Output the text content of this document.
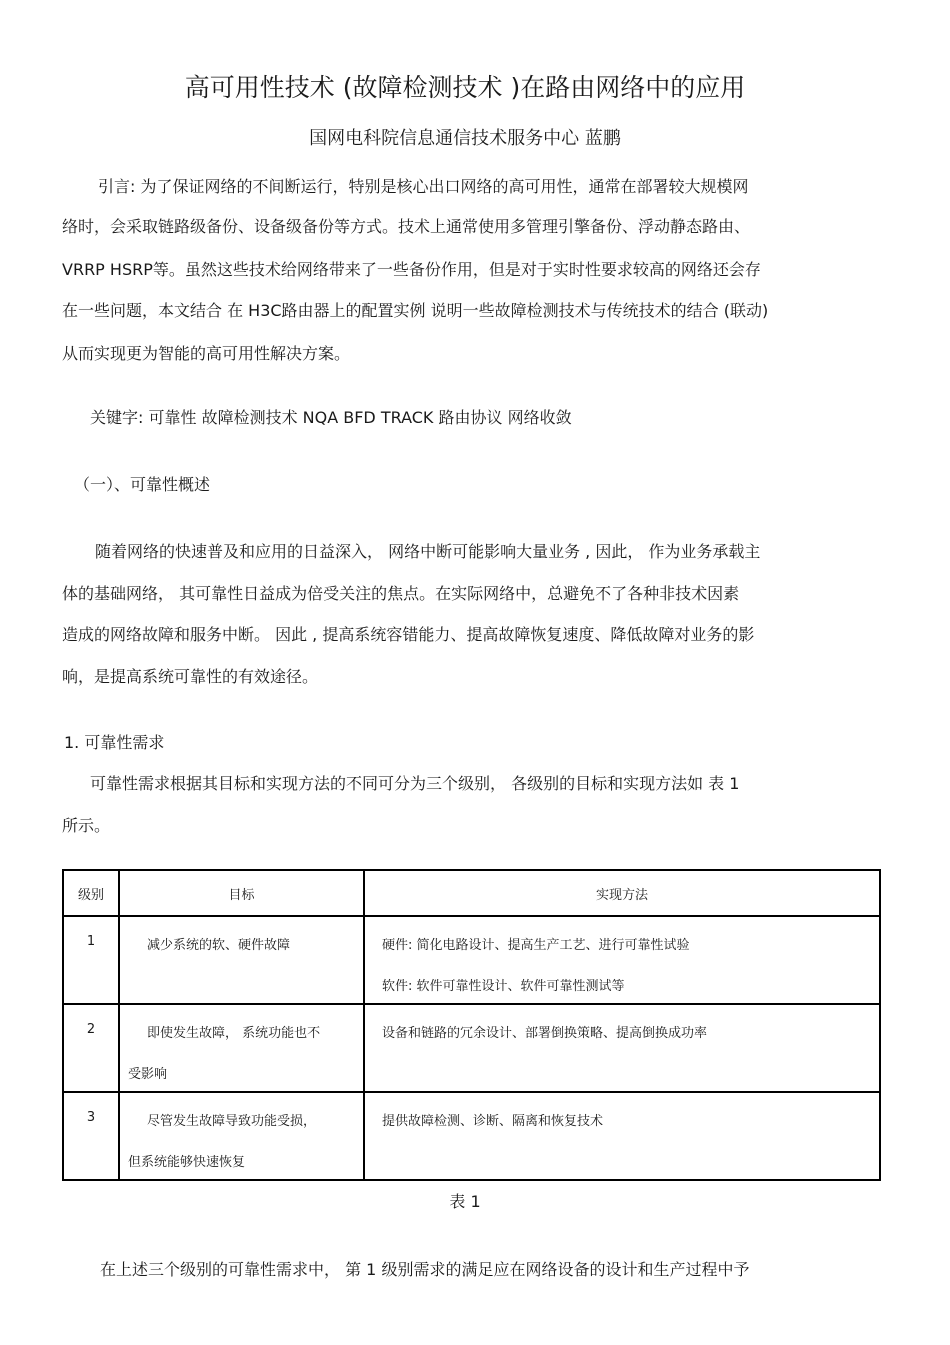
高可用性技术 (故障检测技术 )在路由网络中的应用
国网电科院信息通信技术服务中心 蓝鹏
引言: 为了保证网络的不间断运行，特别是核心出口网络的高可用性，通常在部署较大规模网
络时，会采取链路级备份、设备级备份等方式。技术上通常使用多管理引擎备份、浮动静态路由、
VRRP HSRP等。虽然这些技术给网络带来了一些备份作用，但是对于实时性要求较高的网络还会存
在一些问题，本文结合 在 H3C路由器上的配置实例 说明一些故障检测技术与传统技术的结合 (联动)
从而实现更为智能的高可用性解决方案。
关键字: 可靠性 故障检测技术 NQA BFD TRACK 路由协议 网络收敛
（一）、可靠性概述
随着网络的快速普及和应用的日益深入， 网络中断可能影响大量业务 , 因此， 作为业务承载主
体的基础网络， 其可靠性日益成为倍受关注的焦点。在实际网络中，总避免不了各种非技术因素
造成的网络故障和服务中断。 因此 , 提高系统容错能力、提高故障恢复速度、降低故障对业务的影
响，是提高系统可靠性的有效途径。
1. 可靠性需求
可靠性需求根据其目标和实现方法的不同可分为三个级别， 各级别的目标和实现方法如 表 1
所示。
级别	目标	实现方法

1	减少系统的软、硬件故障	硬件: 简化电路设计、提高生产工艺、进行可靠性试验
软件: 软件可靠性设计、软件可靠性测试等

2	即使发生故障， 系统功能也不
受影响	设备和链路的冗余设计、部署倒换策略、提高倒换成功率

3	尽管发生故障导致功能受损，
但系统能够快速恢复	提供故障检测、诊断、隔离和恢复技术
表 1
在上述三个级别的可靠性需求中， 第 1 级别需求的满足应在网络设备的设计和生产过程中予
